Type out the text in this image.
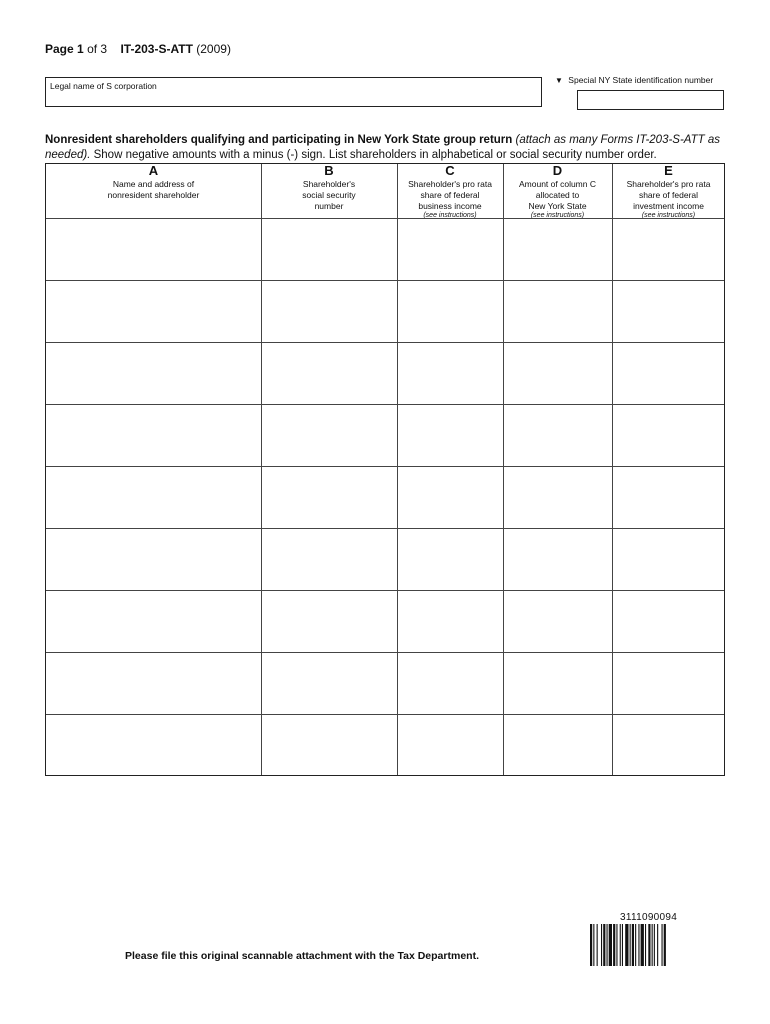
Page 1 of 3 IT-203-S-ATT (2009)
Legal name of S corporation
▼ Special NY State identification number
Nonresident shareholders qualifying and participating in New York State group return (attach as many Forms IT-203-S-ATT as needed). Show negative amounts with a minus (-) sign. List shareholders in alphabetical or social security number order.
A
Name and address of
nonresident shareholder
B
Shareholder's
social security
number
C
Shareholder's pro rata
share of federal
business income
(see instructions)
D
Amount of column C
allocated to
New York State
(see instructions)
E
Shareholder's pro rata
share of federal
investment income
(see instructions)
3111090094
Please file this original scannable attachment with the Tax Department.
